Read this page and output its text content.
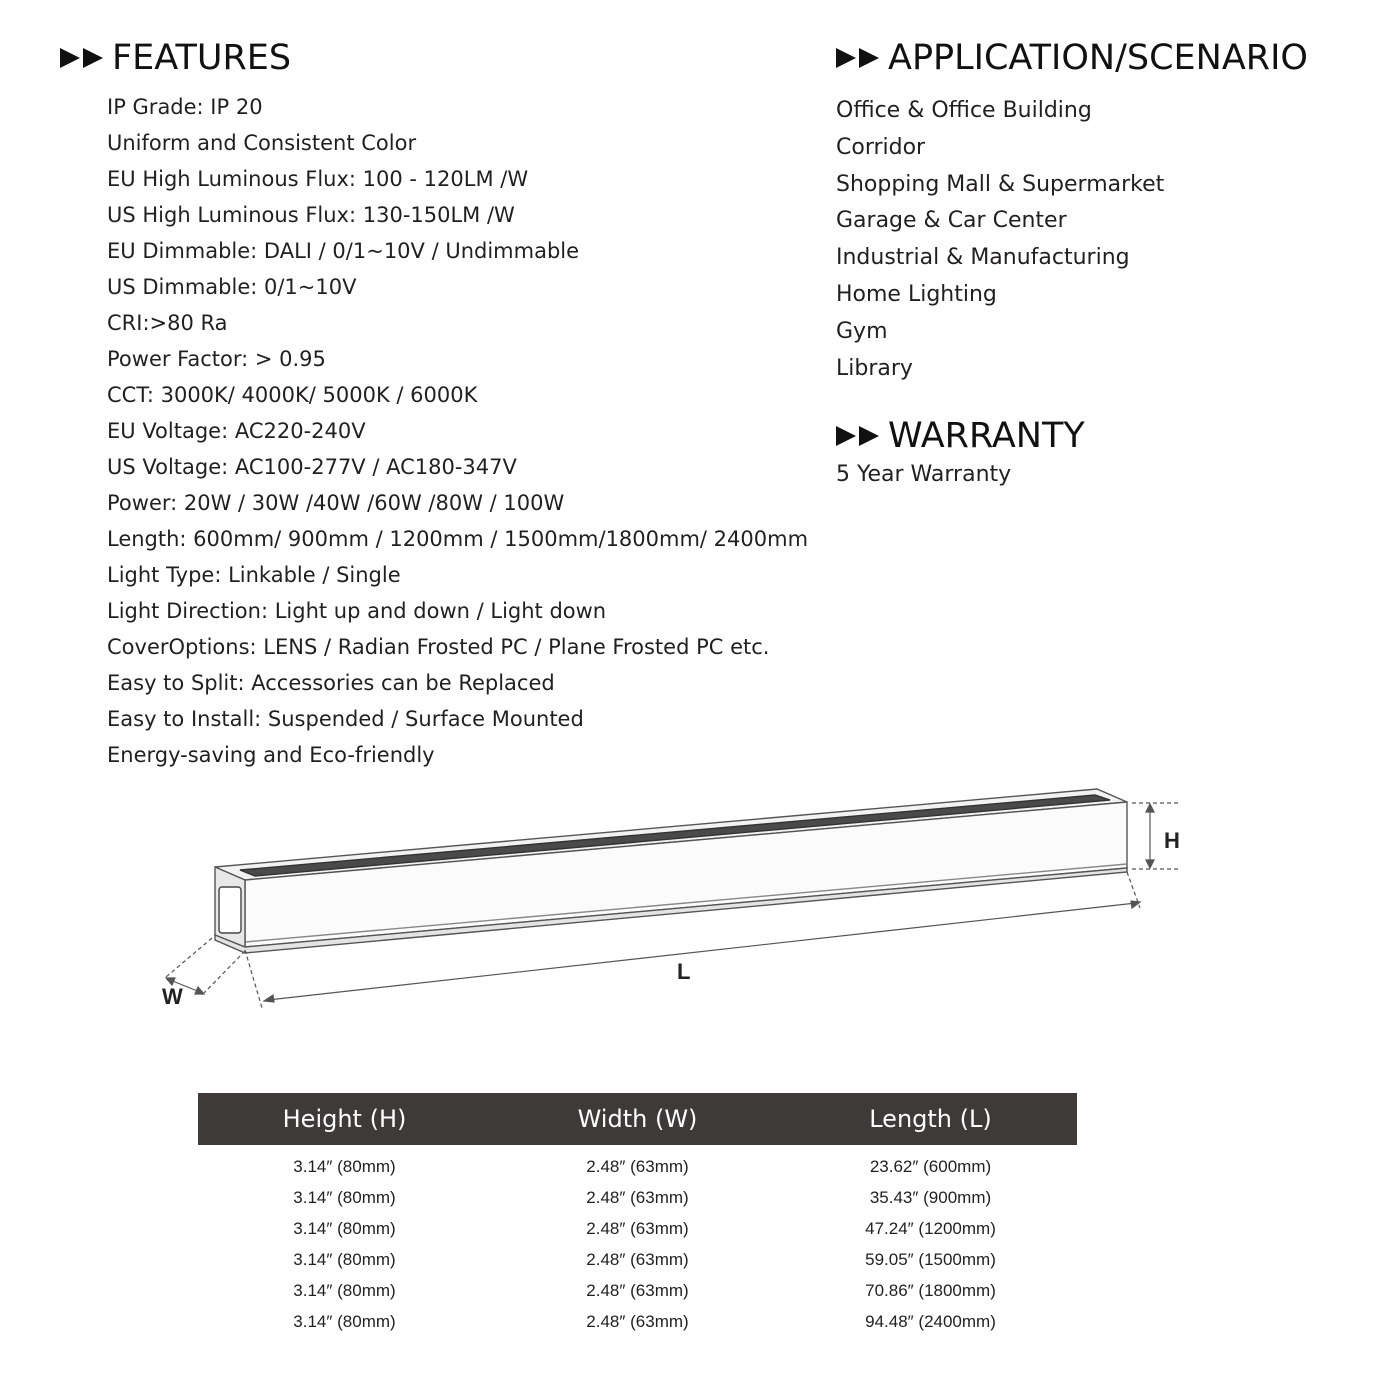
FEATURES
IP Grade: IP 20
Uniform and Consistent Color
EU High Luminous Flux: 100 - 120LM /W
US High Luminous Flux: 130-150LM /W
EU Dimmable: DALI / 0/1~10V / Undimmable
US Dimmable: 0/1~10V
CRI:>80 Ra
Power Factor: > 0.95
CCT: 3000K/ 4000K/ 5000K / 6000K
EU Voltage: AC220-240V
US Voltage: AC100-277V / AC180-347V
Power: 20W / 30W /40W /60W /80W / 100W
Length: 600mm/ 900mm / 1200mm / 1500mm/1800mm/ 2400mm
Light Type: Linkable / Single
Light Direction: Light up and down / Light down
CoverOptions: LENS / Radian Frosted PC / Plane Frosted PC etc.
Easy to Split: Accessories can be Replaced
Easy to Install: Suspended / Surface Mounted
Energy-saving and Eco-friendly
APPLICATION/SCENARIO
Office & Office Building
Corridor
Shopping Mall & Supermarket
Garage & Car Center
Industrial & Manufacturing
Home Lighting
Gym
Library
WARRANTY

5 Year Warranty

H
L
W
Height (H)	Width (W)	Length (L)
3.14″ (80mm)	2.48″ (63mm)	23.62″ (600mm)
3.14″ (80mm)	2.48″ (63mm)	35.43″ (900mm)
3.14″ (80mm)	2.48″ (63mm)	47.24″ (1200mm)
3.14″ (80mm)	2.48″ (63mm)	59.05″ (1500mm)
3.14″ (80mm)	2.48″ (63mm)	70.86″ (1800mm)
3.14″ (80mm)	2.48″ (63mm)	94.48″ (2400mm)
